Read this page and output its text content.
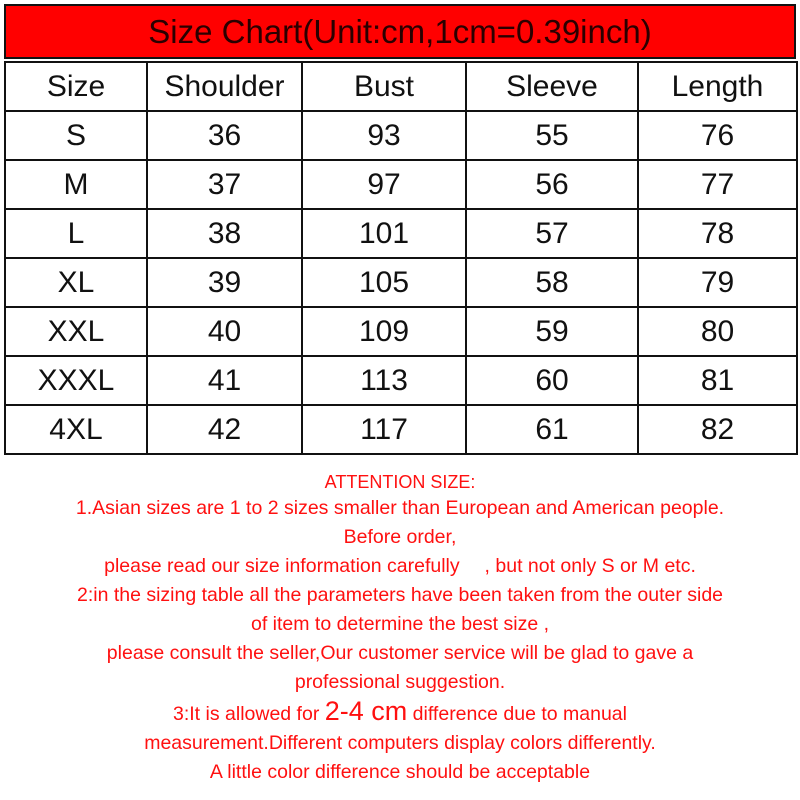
Size Chart(Unit:cm,1cm=0.39inch)
Size	Shoulder	Bust	Sleeve	Length
S	36	93	55	76
M	37	97	56	77
L	38	101	57	78
XL	39	105	58	79
XXL	40	109	59	80
XXXL	41	113	60	81
4XL	42	117	61	82
ATTENTION SIZE:
1.Asian sizes are 1 to 2 sizes smaller than European and American people.
Before order,
please read our size information carefully 　, but not only S or M etc.
2:in the sizing table all the parameters have been taken from the outer side
of item to determine the best size ,
please consult the seller,Our customer service will be glad to gave a
professional suggestion.
3:It is allowed for 2-4 cm difference due to manual
measurement.Different computers display colors differently.
A little color difference should be acceptable
